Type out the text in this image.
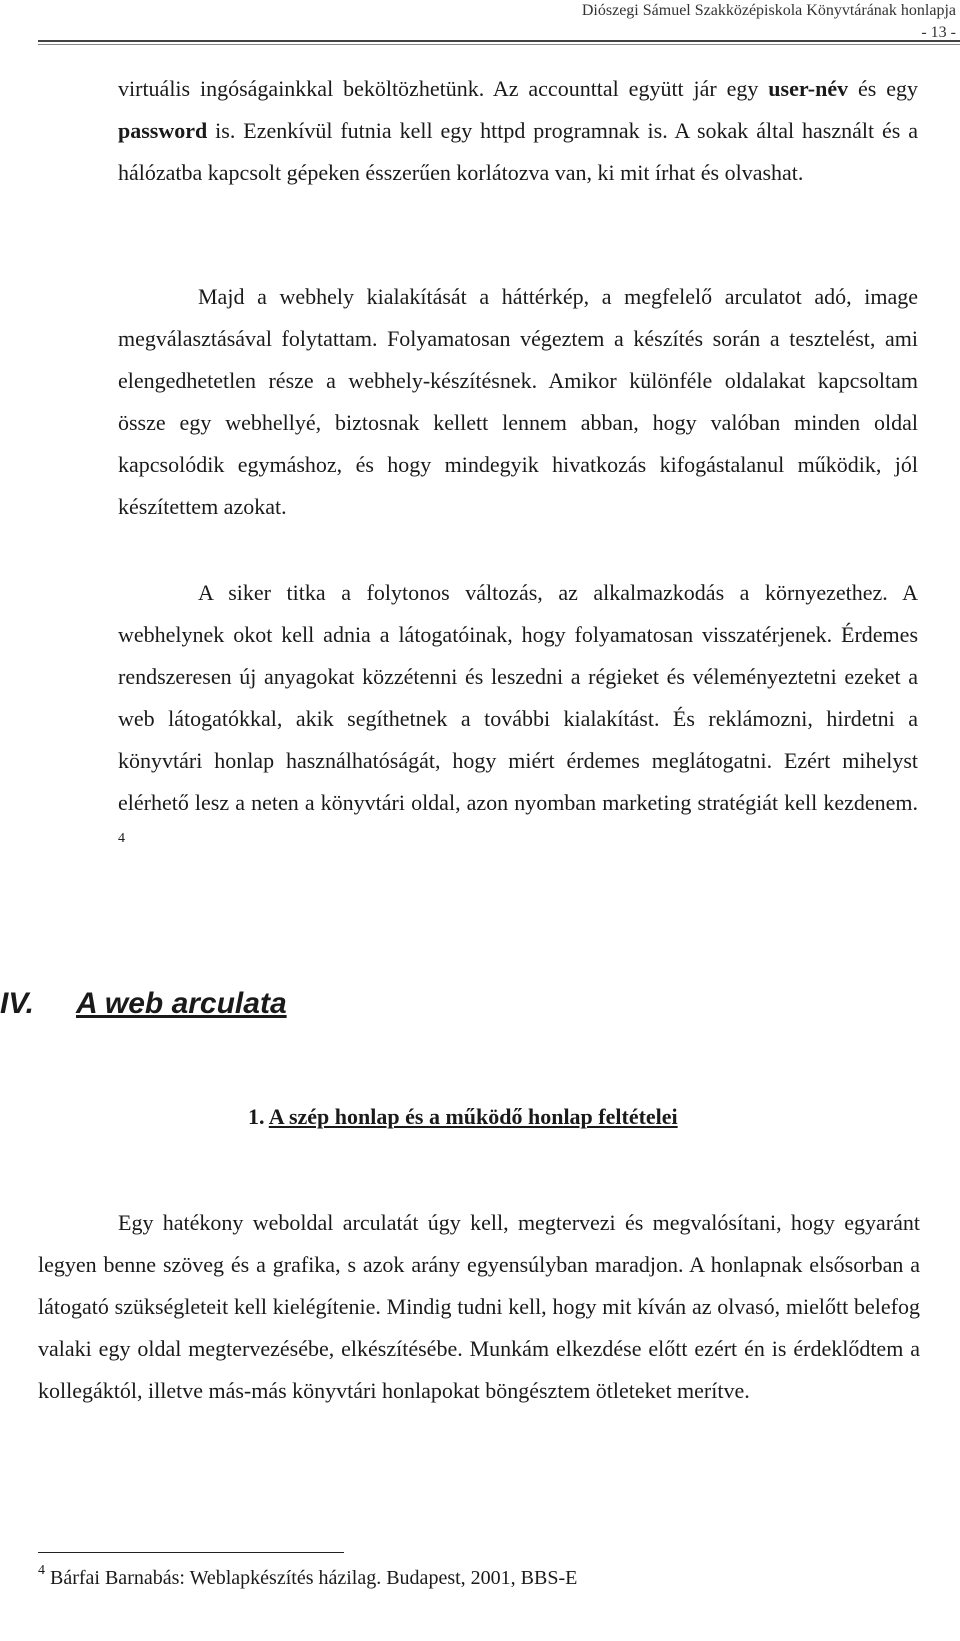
Diószegi Sámuel Szakközépiskola Könyvtárának honlapja
- 13 -

virtuális ingóságainkkal beköltözhetünk. Az accounttal együtt jár egy user-név és egy password is. Ezenkívül futnia kell egy httpd programnak is. A sokak által használt és a hálózatba kapcsolt gépeken ésszerűen korlátozva van, ki mit írhat és olvashat.

Majd a webhely kialakítását a háttérkép, a megfelelő arculatot adó, image megválasztásával folytattam. Folyamatosan végeztem a készítés során a tesztelést, ami elengedhetetlen része a webhely-készítésnek. Amikor különféle oldalakat kapcsoltam össze egy webhellyé, biztosnak kellett lennem abban, hogy valóban minden oldal kapcsolódik egymáshoz, és hogy mindegyik hivatkozás kifogástalanul működik, jól készítettem azokat.

A siker titka a folytonos változás, az alkalmazkodás a környezethez. A webhelynek okot kell adnia a látogatóinak, hogy folyamatosan visszatérjenek. Érdemes rendszeresen új anyagokat közzétenni és leszedni a régieket és véleményeztetni ezeket a web látogatókkal, akik segíthetnek a további kialakítást. És reklámozni, hirdetni a könyvtári honlap használhatóságát, hogy miért érdemes meglátogatni. Ezért mihelyst elérhető lesz a neten a könyvtári oldal, azon nyomban marketing stratégiát kell kezdenem. $^4$

IV. A web arculata
1. A szép honlap és a működő honlap feltételei

Egy hatékony weboldal arculatát úgy kell, megtervezi és megvalósítani, hogy egyaránt legyen benne szöveg és a grafika, s azok arány egyensúlyban maradjon. A honlapnak elsősorban a látogató szükségleteit kell kielégítenie. Mindig tudni kell, hogy mit kíván az olvasó, mielőtt belefog valaki egy oldal megtervezésébe, elkészítésébe. Munkám elkezdése előtt ezért én is érdeklődtem a kollegáktól, illetve más-más könyvtári honlapokat böngésztem ötleteket merítve.

$^4$ Bárfai Barnabás: Weblapkészítés házilag. Budapest, 2001, BBS-E
